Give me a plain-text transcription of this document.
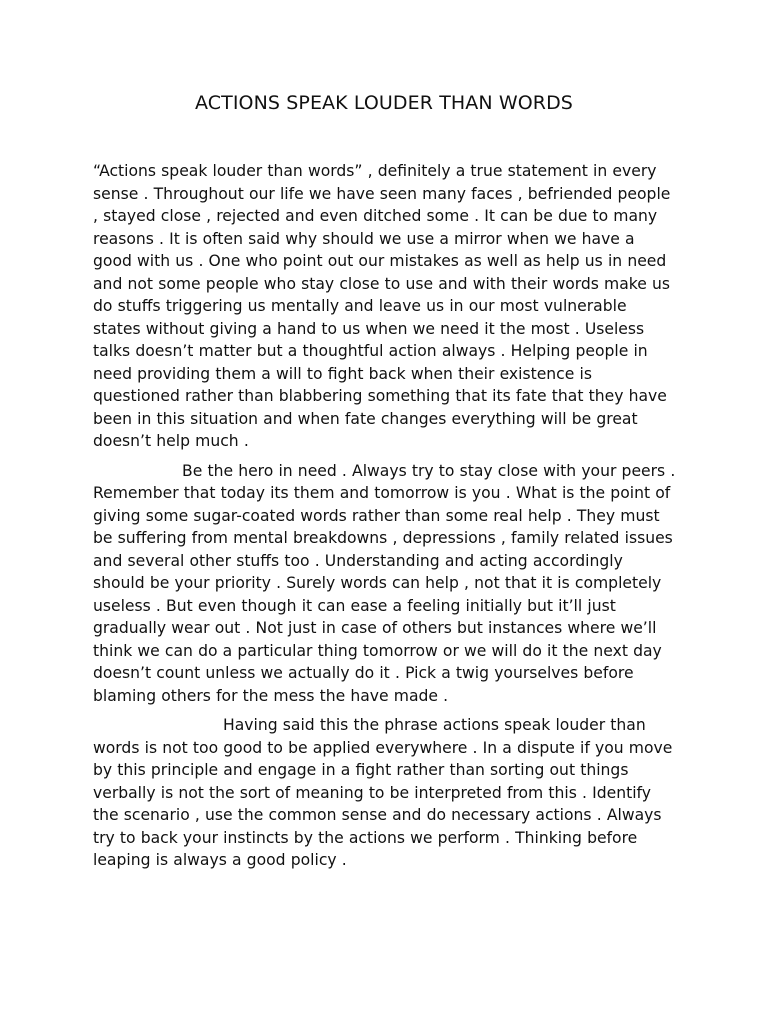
ACTIONS SPEAK LOUDER THAN WORDS

“Actions speak louder than words” , definitely a true statement in every sense . Throughout our life we have seen many faces , befriended people , stayed close , rejected and even ditched some . It can be due to many reasons . It is often said why should we use a mirror when we have a good with us . One who point out our mistakes as well as help us in need and not some people who stay close to use and with their words make us do stuffs triggering us mentally and leave us in our most vulnerable states without giving a hand to us when we need it the most . Useless talks doesn’t matter but a thoughtful action always . Helping people in need providing them a will to fight back when their existence is questioned rather than blabbering something that its fate that they have been in this situation and when fate changes everything will be great doesn’t help much .

Be the hero in need . Always try to stay close with your peers . Remember that today its them and tomorrow is you . What is the point of giving some sugar-coated words rather than some real help . They must be suffering from mental breakdowns , depressions , family related issues and several other stuffs too . Understanding and acting accordingly should be your priority . Surely words can help , not that it is completely useless . But even though it can ease a feeling initially but it’ll just gradually wear out . Not just in case of others but instances where we’ll think we can do a particular thing tomorrow or we will do it the next day doesn’t count unless we actually do it . Pick a twig yourselves before blaming others for the mess the have made .

Having said this the phrase actions speak louder than words is not too good to be applied everywhere . In a dispute if you move by this principle and engage in a fight rather than sorting out things verbally is not the sort of meaning to be interpreted from this . Identify the scenario , use the common sense and do necessary actions . Always try to back your instincts by the actions we perform . Thinking before leaping is always a good policy .
